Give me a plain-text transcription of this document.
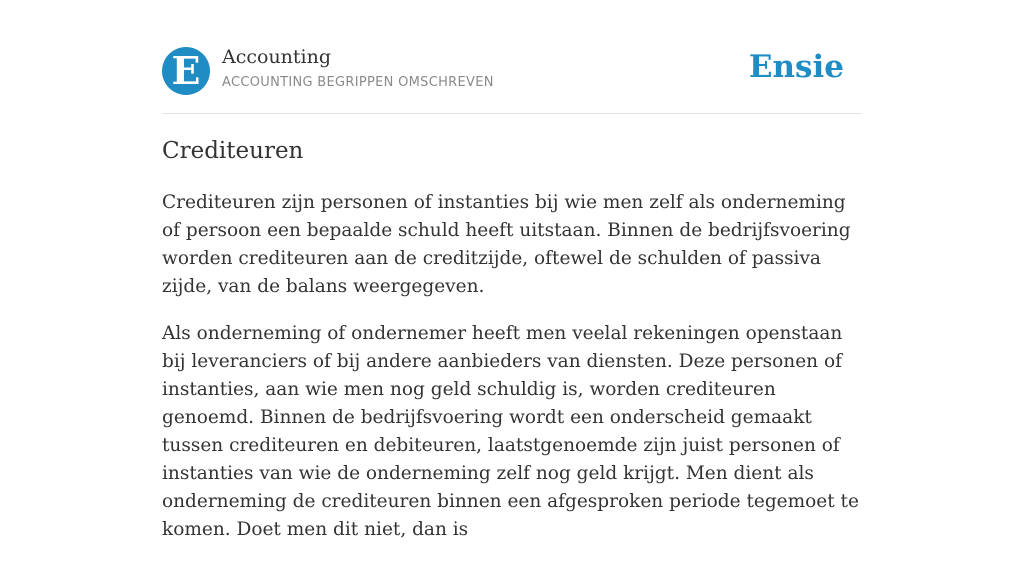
E	Accounting
ACCOUNTING BEGRIPPEN OMSCHREVEN	Ensie
Crediteuren

Crediteuren zijn personen of instanties bij wie men zelf als onderneming of persoon een bepaalde schuld heeft uitstaan. Binnen de bedrijfsvoering worden crediteuren aan de creditzijde, oftewel de schulden of passiva zijde, van de balans weergegeven.

Als onderneming of ondernemer heeft men veelal rekeningen openstaan bij leveranciers of bij andere aanbieders van diensten. Deze personen of instanties, aan wie men nog geld schuldig is, worden crediteuren genoemd. Binnen de bedrijfsvoering wordt een onderscheid gemaakt tussen crediteuren en debiteuren, laatstgenoemde zijn juist personen of instanties van wie de onderneming zelf nog geld krijgt. Men dient als onderneming de crediteuren binnen een afgesproken periode tegemoet te komen. Doet men dit niet, dan is
